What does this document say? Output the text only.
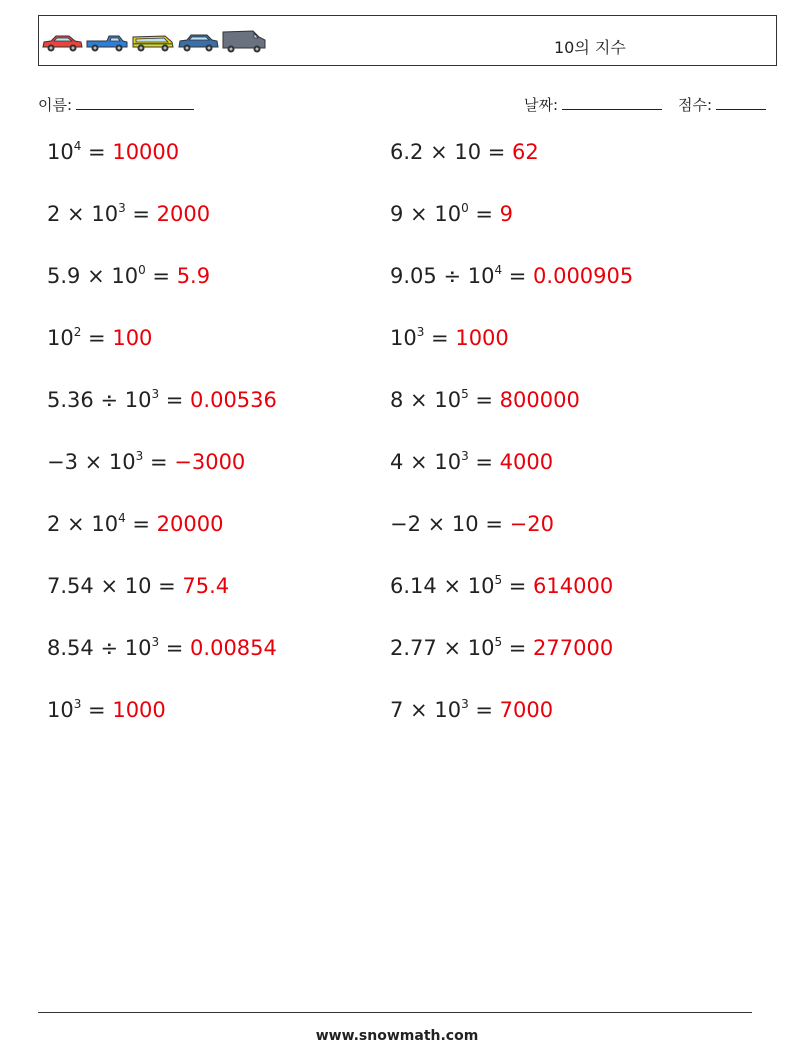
10의 지수
이름:	날짜:	점수:
$10^4 = 10000$	6.2 × 10 = 62
$2 \times 10^3 = 2000$	$9 \times 10^0 = 9$
$5.9 \times 10^0 = 5.9$	$9.05 \div 10^4 = 0.000905$
$10^2 = 100$	$10^3 = 1000$
$5.36 \div 10^3 = 0.00536$	$8 \times 10^5 = 800000$
$-3 \times 10^3 = -3000$	$4 \times 10^3 = 4000$
$2 \times 10^4 = 20000$	−2 × 10 = −20
7.54 × 10 = 75.4	$6.14 \times 10^5 = 614000$
$8.54 \div 10^3 = 0.00854$	$2.77 \times 10^5 = 277000$
$10^3 = 1000$	$7 \times 10^3 = 7000$
www.snowmath.com
